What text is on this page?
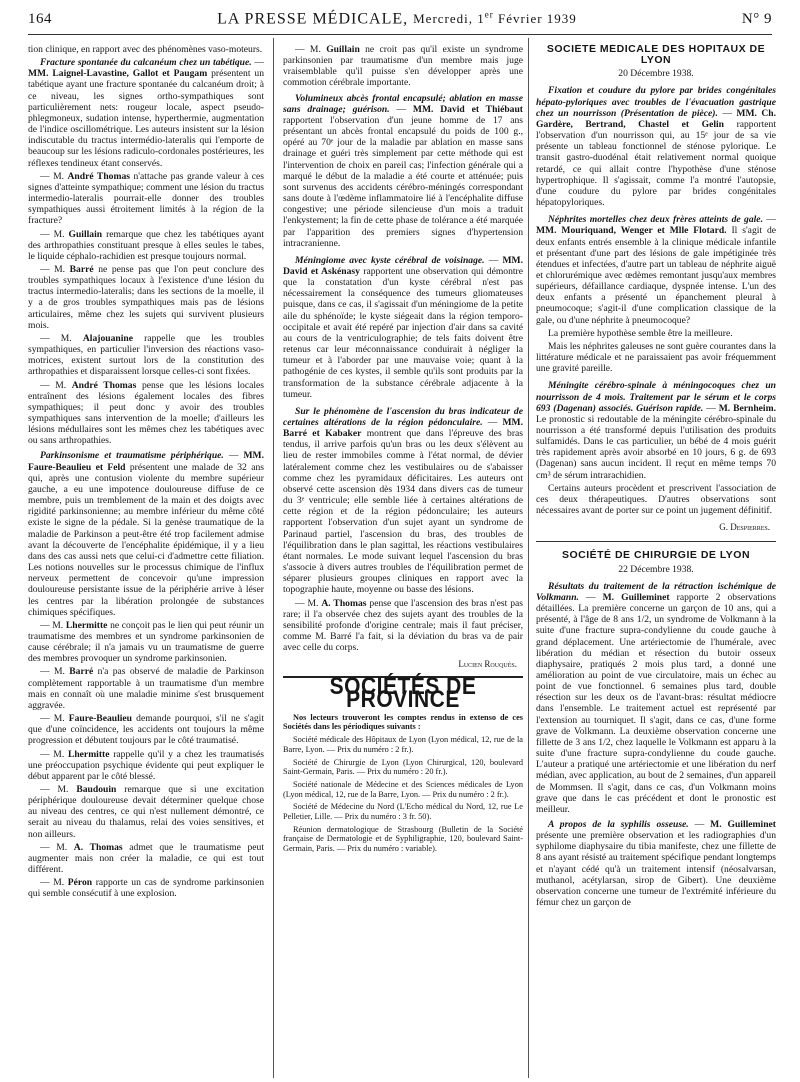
164	LA PRESSE MÉDICALE, Mercredi, 1er Février 1939	N° 9

tion clinique, en rapport avec des phénomènes vaso-moteurs.

Fracture spontanée du calcanéum chez un tabétique. — MM. Laignel-Lavastine, Gallot et Paugam présentent un tabétique ayant une fracture spontanée du calcanéum droit; à ce niveau, les signes ortho-sympathiques sont particulièrement nets: rougeur locale, aspect pseudo-phlegmoneux, sudation intense, hyperthermie, augmentation de l'indice oscillométrique. Les auteurs insistent sur la lésion indiscutable du tractus intermédio-lateralis qui l'emporte de beaucoup sur les lésions radiculo-cordonales postérieures, les réflexes tendineux étant conservés.

— M. André Thomas n'attache pas grande valeur à ces signes d'atteinte sympathique; comment une lésion du tractus intermedio-lateralis pourrait-elle donner des troubles sympathiques aussi étroitement limités à la région de la fracture?

— M. Guillain remarque que chez les tabétiques ayant des arthropathies constituant presque à elles seules le tabes, le liquide céphalo-rachidien est presque toujours normal.

— M. Barré ne pense pas que l'on peut conclure des troubles sympathiques locaux à l'existence d'une lésion du tractus intermedio-lateralis; dans les sections de la moelle, il y a de gros troubles sympathiques mais pas de lésions articulaires, même chez les sujets qui survivent plusieurs mois.

— M. Alajouanine rappelle que les troubles sympathiques, en particulier l'inversion des réactions vaso-motrices, existent surtout lors de la constitution des arthropathies et disparaissent lorsque celles-ci sont fixées.

— M. André Thomas pense que les lésions locales entraînent des lésions également locales des fibres sympathiques; il peut donc y avoir des troubles sympathiques sans intervention de la moelle; d'ailleurs les lésions médullaires sont les mêmes chez les tabétiques avec ou sans arthropathies.

Parkinsonisme et traumatisme périphérique. — MM. Faure-Beaulieu et Feld présentent une malade de 32 ans qui, après une contusion violente du membre supérieur gauche, a eu une impotence douloureuse diffuse de ce membre, puis un tremblement de la main et des doigts avec rigidité parkinsonienne; au membre inférieur du même côté existe le signe de la pédale. Si la genèse traumatique de la maladie de Parkinson a peut-être été trop facilement admise avant la découverte de l'encéphalite épidémique, il y a lieu dans des cas aussi nets que celui-ci d'admettre cette filiation. Les notions nouvelles sur le processus chimique de l'influx nerveux permettent de concevoir qu'une impression douloureuse persistante issue de la périphérie arrive à léser les centres par la libération prolongée de substances chimiques spécifiques.

— M. Lhermitte ne conçoit pas le lien qui peut réunir un traumatisme des membres et un syndrome parkinsonien de cause cérébrale; il n'a jamais vu un traumatisme de guerre des membres provoquer un syndrome parkinsonien.

— M. Barré n'a pas observé de maladie de Parkinson complètement rapportable à un traumatisme d'un membre mais en connaît où une maladie minime s'est brusquement aggravée.

— M. Faure-Beaulieu demande pourquoi, s'il ne s'agit que d'une coïncidence, les accidents ont toujours la même progression et débutent toujours par le côté traumatisé.

— M. Lhermitte rappelle qu'il y a chez les traumatisés une préoccupation psychique évidente qui peut expliquer le début apparent par le côté blessé.

— M. Baudouin remarque que si une excitation périphérique douloureuse devait déterminer quelque chose au niveau des centres, ce qui n'est nullement démontré, ce serait au niveau du thalamus, relai des voies sensitives, et non ailleurs.

— M. A. Thomas admet que le traumatisme peut augmenter mais non créer la maladie, ce qui est tout différent.

— M. Péron rapporte un cas de syndrome parkinsonien qui semble consécutif à une explosion.

— M. Guillain ne croit pas qu'il existe un syndrome parkinsonien par traumatisme d'un membre mais juge vraisemblable qu'il puisse s'en développer après une commotion cérébrale importante.

Volumineux abcès frontal encapsulé; ablation en masse sans drainage; guérison. — MM. David et Thiébaut rapportent l'observation d'un jeune homme de 17 ans présentant un abcès frontal encapsulé du poids de 100 g., opéré au 70ᵉ jour de la maladie par ablation en masse sans drainage et guéri très simplement par cette méthode qui est l'intervention de choix en pareil cas; l'infection générale qui a marqué le début de la maladie a été courte et atténuée; puis sont survenus des accidents cérébro-méningés correspondant sans doute à l'œdème inflammatoire lié à l'encéphalite diffuse congestive; une période silencieuse d'un mois a traduit l'enkystement; la fin de cette phase de tolérance a été marquée par l'apparition des premiers signes d'hypertension intracranienne.

Méningiome avec kyste cérébral de voisinage. — MM. David et Askénasy rapportent une observation qui démontre que la constatation d'un kyste cérébral n'est pas nécessairement la conséquence des tumeurs gliomateuses puisque, dans ce cas, il s'agissait d'un méningiome de la petite aile du sphénoïde; le kyste siégeait dans la région temporo-occipitale et avait été repéré par injection d'air dans sa cavité au cours de la ventriculographie; de tels faits doivent être retenus car leur méconnaissance conduirait à négliger la tumeur et à l'aborder par une mauvaise voie; quant à la pathogénie de ces kystes, il semble qu'ils sont produits par la transformation de la substance cérébrale adjacente à la tumeur.

Sur le phénomène de l'ascension du bras indicateur de certaines altérations de la région pédonculaire. — MM. Barré et Kabaker montrent que dans l'épreuve des bras tendus, il arrive parfois qu'un bras ou les deux s'élèvent au lieu de rester immobiles comme à l'état normal, de dévier latéralement comme chez les vestibulaires ou de s'abaisser comme chez les pyramidaux déficitaires. Les auteurs ont observé cette ascension dès 1934 dans divers cas de tumeur du 3ᵉ ventricule; elle semble liée à certaines altérations de cette région et de la région pédonculaire; les auteurs rapportent l'observation d'un sujet ayant un syndrome de Parinaud partiel, l'ascension du bras, des troubles de l'équilibration dans le plan sagittal, les réactions vestibulaires étant normales. Le mode suivant lequel l'ascension du bras s'associe à divers autres troubles de l'équilibration permet de séparer plusieurs groupes cliniques en rapport avec la topographie haute, moyenne ou basse des lésions.

— M. A. Thomas pense que l'ascension des bras n'est pas rare; il l'a observée chez des sujets ayant des troubles de la sensibilité profonde d'origine centrale; mais il faut préciser, comme M. Barré l'a fait, si la déviation du bras va de pair avec celle du corps.

Lucien Rouquès.
SOCIÉTÉS DE PROVINCE

Nos lecteurs trouveront les comptes rendus in extenso de ces Sociétés dans les périodiques suivants :

Société médicale des Hôpitaux de Lyon (Lyon médical, 12, rue de la Barre, Lyon. — Prix du numéro : 2 fr.).

Société de Chirurgie de Lyon (Lyon Chirurgical, 120, boulevard Saint-Germain, Paris. — Prix du numéro : 20 fr.).

Société nationale de Médecine et des Sciences médicales de Lyon (Lyon médical, 12, rue de la Barre, Lyon. — Prix du numéro : 2 fr.).

Société de Médecine du Nord (L'Echo médical du Nord, 12, rue Le Pelletier, Lille. — Prix du numéro : 3 fr. 50).

Réunion dermatologique de Strasbourg (Bulletin de la Société française de Dermatologie et de Syphiligraphie, 120, boulevard Saint-Germain, Paris. — Prix du numéro : variable).

SOCIÉTÉ MÉDICALE DES HOPITAUX DE LYON
20 Décembre 1938.

Fixation et coudure du pylore par brides congénitales hépato-pyloriques avec troubles de l'évacuation gastrique chez un nourrisson (Présentation de pièce). — MM. Ch. Gardère, Bertrand, Chastel et Gelin rapportent l'observation d'un nourrisson qui, au 15ᵉ jour de sa vie présente un tableau fonctionnel de sténose pylorique. Le transit gastro-duodénal était relativement normal quoique retardé, ce qui allait contre l'hypothèse d'une sténose hypertrophique. Il s'agissait, comme l'a montré l'autopsie, d'une coudure du pylore par brides congénitales hépatopyloriques.

Néphrites mortelles chez deux frères atteints de gale. — MM. Mouriquand, Wenger et Mlle Flotard. Il s'agit de deux enfants entrés ensemble à la clinique médicale infantile et présentant d'une part des lésions de gale impétiginée très étendues et infectées, d'autre part un tableau de néphrite aiguë et chlorurémique avec œdèmes remontant jusqu'aux membres supérieurs, défaillance cardiaque, dyspnée intense. L'un des deux enfants a présenté un épanchement pleural à pneumocoque; s'agit-il d'une complication classique de la gale, ou d'une néphrite à pneumocoque?

La première hypothèse semble être la meilleure.

Mais les néphrites galeuses ne sont guère courantes dans la littérature médicale et ne paraissaient pas avoir fréquemment une gravité pareille.

Méningite cérébro-spinale à méningocoques chez un nourrisson de 4 mois. Traitement par le sérum et le corps 693 (Dagenan) associés. Guérison rapide. — M. Bernheim. Le pronostic si redoutable de la méningite cérébro-spinale du nourrisson a été transformé depuis l'utilisation des produits sulfamidés. Dans le cas particulier, un bébé de 4 mois guérit très rapidement après avoir absorbé en 10 jours, 6 g. de 693 (Dagenan) sans aucun incident. Il reçut en même temps 70 cm³ de sérum intrarachidien.

Certains auteurs procèdent et prescrivent l'association de ces deux thérapeutiques. D'autres observations sont nécessaires avant de porter sur ce point un jugement définitif.

G. Despierres.
SOCIÉTÉ DE CHIRURGIE DE LYON
22 Décembre 1938.

Résultats du traitement de la rétraction ischémique de Volkmann. — M. Guilleminet rapporte 2 observations détaillées. La première concerne un garçon de 10 ans, qui a présenté, à l'âge de 8 ans 1/2, un syndrome de Volkmann à la suite d'une fracture supra-condylienne du coude gauche à grand déplacement. Une artériectomie de l'humérale, avec libération du médian et résection du butoir osseux diaphysaire, pratiqués 2 mois plus tard, a donné une amélioration au point de vue circulatoire, mais un échec au point de vue fonctionnel. 6 semaines plus tard, double résection sur les deux os de l'avant-bras: résultat médiocre dans l'ensemble. Le traitement actuel est représenté par l'extension au tourniquet. Il s'agit, dans ce cas, d'une forme grave de Volkmann. La deuxième observation concerne une fillette de 3 ans 1/2, chez laquelle le Volkmann est apparu à la suite d'une fracture supra-condylienne du coude gauche. L'auteur a pratiqué une artériectomie et une libération du nerf médian, avec application, au bout de 2 semaines, d'un appareil de Mommsen. Il s'agit, dans ce cas, d'un Volkmann moins grave que dans le cas précédent et dont le pronostic est meilleur.

A propos de la syphilis osseuse. — M. Guilleminet présente une première observation et les radiographies d'un syphilome diaphysaire du tibia manifeste, chez une fillette de 8 ans ayant résisté au traitement spécifique pendant longtemps et n'ayant cédé qu'à un traitement intensif (néosalvarsan, muthanol, acétylarsan, sirop de Gibert). Une deuxième observation concerne une tumeur de l'extrémité inférieure du fémur chez un garçon de
